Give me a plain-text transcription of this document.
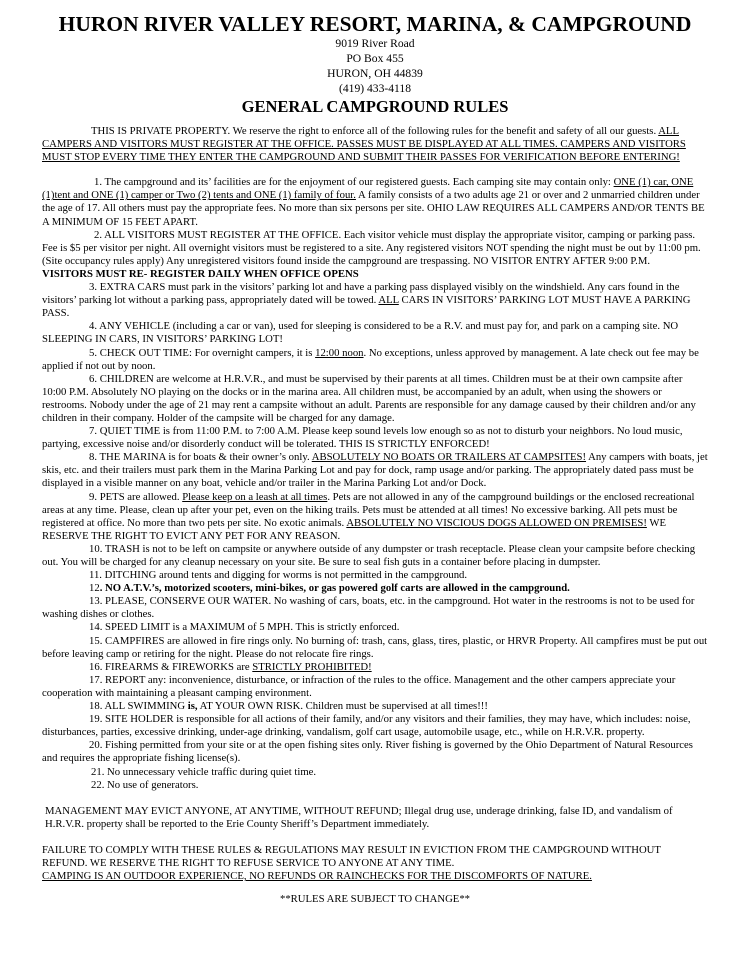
HURON RIVER VALLEY RESORT, MARINA, & CAMPGROUND
9019 River Road
PO Box 455
HURON, OH 44839
(419) 433-4118
GENERAL CAMPGROUND RULES

THIS IS PRIVATE PROPERTY. We reserve the right to enforce all of the following rules for the benefit and safety of all our guests. ALL CAMPERS AND VISITORS MUST REGISTER AT THE OFFICE. PASSES MUST BE DISPLAYED AT ALL TIMES. CAMPERS AND VISITORS MUST STOP EVERY TIME THEY ENTER THE CAMPGROUND AND SUBMIT THEIR PASSES FOR VERIFICATION BEFORE ENTERING!

1. The campground and its’ facilities are for the enjoyment of our registered guests. Each camping site may contain only: ONE (1) car, ONE (1)tent and ONE (1) camper or Two (2) tents and ONE (1) family of four. A family consists of a two adults age 21 or over and 2 unmarried children under the age of 17. All others must pay the appropriate fees. No more than six persons per site. OHIO LAW REQUIRES ALL CAMPERS AND/OR TENTS BE A MINIMUM OF 15 FEET APART.

2. ALL VISITORS MUST REGISTER AT THE OFFICE. Each visitor vehicle must display the appropriate visitor, camping or parking pass. Fee is $5 per visitor per night. All overnight visitors must be registered to a site. Any registered visitors NOT spending the night must be out by 11:00 pm. (Site occupancy rules apply) Any unregistered visitors found inside the campground are trespassing. NO VISITOR ENTRY AFTER 9:00 P.M.    VISITORS MUST RE- REGISTER DAILY WHEN OFFICE OPENS

3. EXTRA CARS must park in the visitors’ parking lot and have a parking pass displayed visibly on the windshield. Any cars found in the visitors’ parking lot without a parking pass, appropriately dated will be towed. ALL CARS IN VISITORS’ PARKING LOT MUST HAVE A PARKING PASS.

4. ANY VEHICLE (including a car or van), used for sleeping is considered to be a R.V. and must pay for, and park on a camping site. NO SLEEPING IN CARS, IN VISITORS’ PARKING LOT!

5. CHECK OUT TIME: For overnight campers, it is 12:00 noon. No exceptions, unless approved by management. A late check out fee may be applied if not out by noon.

6. CHILDREN are welcome at H.R.V.R., and must be supervised by their parents at all times. Children must be at their own campsite after 10:00 P.M. Absolutely NO playing on the docks or in the marina area. All children must, be accompanied by an adult, when using the showers or restrooms. Nobody under the age of 21 may rent a campsite without an adult. Parents are responsible for any damage caused by their children and/or any children in their company. Holder of the campsite will be charged for any damage.

7. QUIET TIME is from 11:00 P.M. to 7:00 A.M. Please keep sound levels low enough so as not to disturb your neighbors. No loud music, partying, excessive noise and/or disorderly conduct will be tolerated. THIS IS STRICTLY ENFORCED!

8. THE MARINA is for boats & their owner’s only. ABSOLUTELY NO BOATS OR TRAILERS AT CAMPSITES! Any campers with boats, jet skis, etc. and their trailers must park them in the Marina Parking Lot and pay for dock, ramp usage and/or parking. The appropriately dated pass must be displayed in a visible manner on any boat, vehicle and/or trailer in the Marina Parking Lot and/or Dock.

9. PETS are allowed. Please keep on a leash at all times. Pets are not allowed in any of the campground buildings or the enclosed recreational areas at any time. Please, clean up after your pet, even on the hiking trails. Pets must be attended at all times! No excessive barking. All pets must be registered at office. No more than two pets per site. No exotic animals. ABSOLUTELY NO VISCIOUS DOGS ALLOWED ON PREMISES! WE RESERVE THE RIGHT TO EVICT ANY PET FOR ANY REASON.

10. TRASH is not to be left on campsite or anywhere outside of any dumpster or trash receptacle. Please clean your campsite before checking out. You will be charged for any cleanup necessary on your site. Be sure to seal fish guts in a container before placing in dumpster.

11. DITCHING around tents and digging for worms is not permitted in the campground.

12. NO A.T.V.’s, motorized scooters, mini-bikes, or gas powered golf carts are allowed in the campground.

13. PLEASE, CONSERVE OUR WATER. No washing of cars, boats, etc. in the campground. Hot water in the restrooms is not to be used for washing dishes or clothes.

14. SPEED LIMIT is a MAXIMUM of 5 MPH. This is strictly enforced.

15. CAMPFIRES are allowed in fire rings only. No burning of: trash, cans, glass, tires, plastic, or HRVR Property. All campfires must be put out before leaving camp or retiring for the night. Please do not relocate fire rings.

16. FIREARMS & FIREWORKS are STRICTLY PROHIBITED!

17. REPORT any: inconvenience, disturbance, or infraction of the rules to the office. Management and the other campers appreciate your cooperation with maintaining a pleasant camping environment.

18. ALL SWIMMING is, AT YOUR OWN RISK. Children must be supervised at all times!!!

19. SITE HOLDER is responsible for all actions of their family, and/or any visitors and their families, they may have, which includes: noise, disturbances, parties, excessive drinking, under-age drinking, vandalism, golf cart usage, automobile usage, etc., while on H.R.V.R. property.

20. Fishing permitted from your site or at the open fishing sites only. River fishing is governed by the Ohio Department of Natural Resources and requires the appropriate fishing license(s).

21. No unnecessary vehicle traffic during quiet time.

22. No use of generators.

MANAGEMENT MAY EVICT ANYONE, AT ANYTIME, WITHOUT REFUND; Illegal drug use, underage drinking, false ID, and vandalism of H.R.V.R. property shall be reported to the Erie County Sheriff’s Department immediately.

FAILURE TO COMPLY WITH THESE RULES & REGULATIONS MAY RESULT IN EVICTION FROM THE CAMPGROUND WITHOUT REFUND. WE RESERVE THE RIGHT TO REFUSE SERVICE TO ANYONE AT ANY TIME.

CAMPING IS AN OUTDOOR EXPERIENCE, NO REFUNDS OR RAINCHECKS FOR THE DISCOMFORTS OF NATURE.

**RULES ARE SUBJECT TO CHANGE**
